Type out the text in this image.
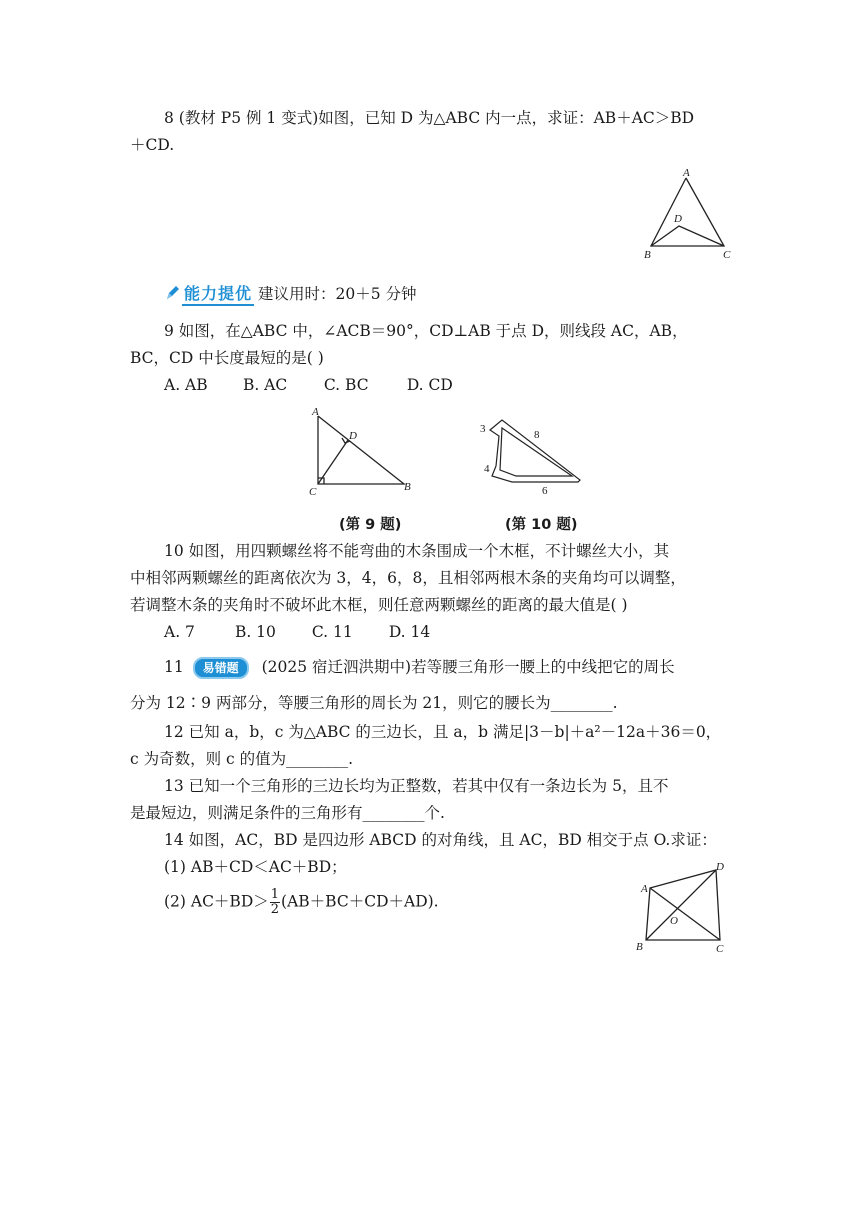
8 (教材 P5 例 1 变式)如图，已知 D 为△ABC 内一点，求证：AB＋AC＞BD
＋CD.
A
D
B	C
能力提优 建议用时：20＋5 分钟
9 如图，在△ABC 中，∠ACB＝90°，CD⊥AB 于点 D，则线段 AC，AB，
BC，CD 中长度最短的是( )
A. AB B. AC C. BC D. CD
A
D
C	B
3	8
4
6
(第 9 题)	(第 10 题)
10 如图，用四颗螺丝将不能弯曲的木条围成一个木框，不计螺丝大小，其
中相邻两颗螺丝的距离依次为 3，4，6，8，且相邻两根木条的夹角均可以调整，
若调整木条的夹角时不破坏此木框，则任意两颗螺丝的距离的最大值是( )
A. 7	B. 10 C. 11 D. 14
11 易错题 (2025 宿迁泗洪期中)若等腰三角形一腰上的中线把它的周长
分为 12∶9 两部分，等腰三角形的周长为 21，则它的腰长为________.
12 已知 a，b，c 为△ABC 的三边长，且 a，b 满足|3－b|＋a²－12a＋36＝0，
c 为奇数，则 c 的值为________.
13 已知一个三角形的三边长均为正整数，若其中仅有一条边长为 5，且不
是最短边，则满足条件的三角形有________个.
14 如图，AC，BD 是四边形 ABCD 的对角线，且 AC，BD 相交于点 O.求证：
(1) AB＋CD＜AC＋BD；
(2) $AC+BD> \frac{1}{2} (AB+BC+CD+AD)$.
A
D
O
B	C
